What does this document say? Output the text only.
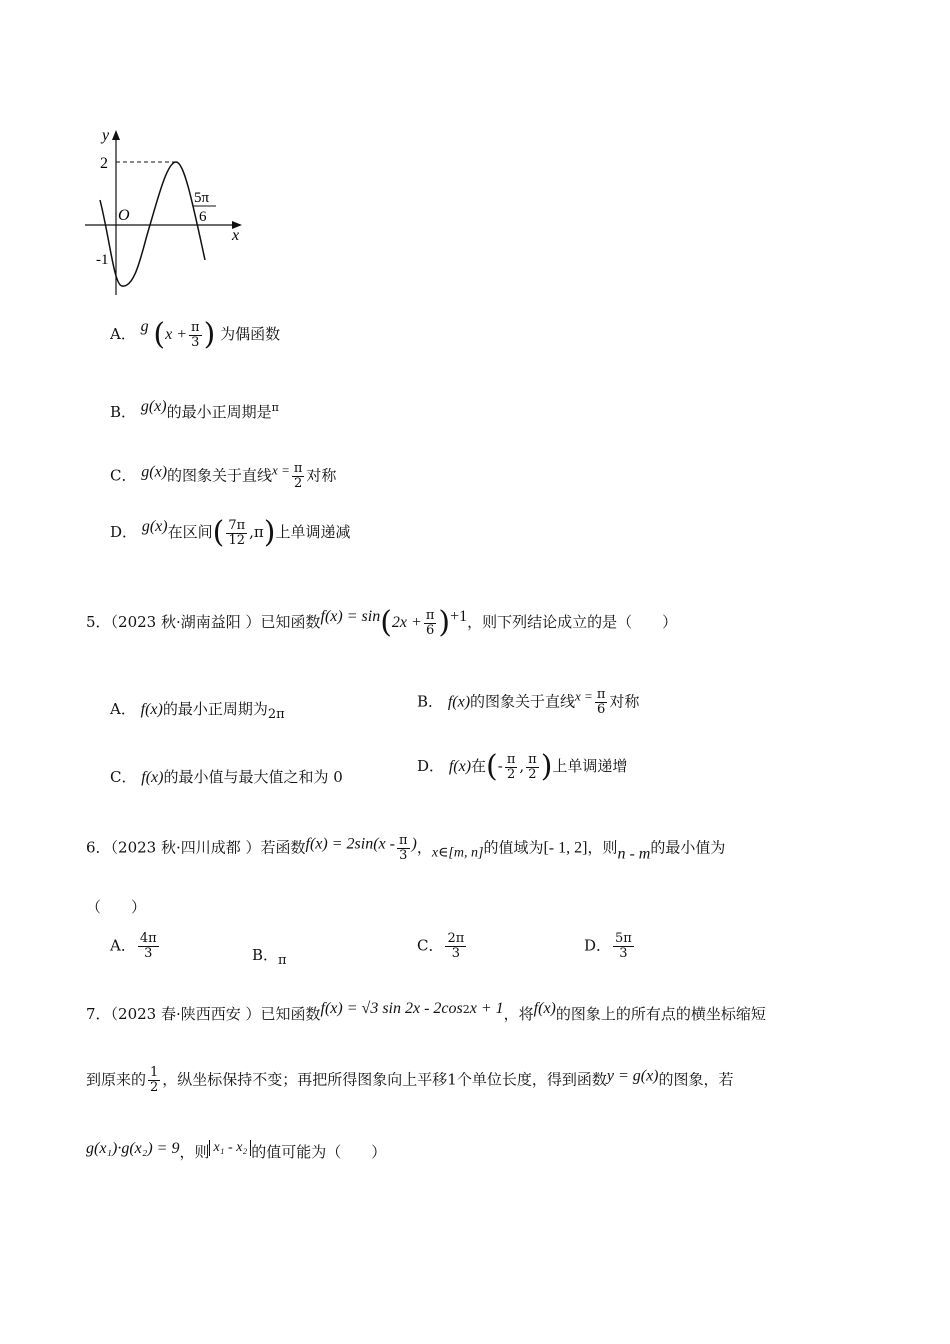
y
x
O
2
-1
5π
6
A． g ($x + \frac{\pi}{3}$ ) 为偶函数
B． g(x)的最小正周期是$^\pi$
C． g(x)的图象关于直线$x = \frac{\pi}{2}$ 对称
D． g(x)在区间( $\frac{7\pi}{12} ,\pi$)上单调递减
5．（2023 秋·湖南益阳 ）已知函数$f(x) = \sin(2x + \frac{\pi}{6} )+1$，则下列结论成立的是（　　）
A． f(x)的最小正周期为2π
B． f(x)的图象关于直线$x = \frac{\pi}{6}$ 对称
C． f(x)的最小值与最大值之和为 0
D． f(x)在(- $\frac{\pi}{2}$ , $\frac{\pi}{2}$ )上单调递增
6．（2023 秋·四川成都 ）若函数$f(x) = 2\sin(x - \frac{\pi}{3}$ )，x∈[m, n]的值域为[- 1, 2]，则n - m的最小值为
（　　）
A． $\frac{4\pi}{3}$	B．π
C． $\frac{2\pi}{3}$	D． $\frac{5\pi}{3}$
7．（2023 春·陕西西安 ）已知函数f(x) = √3 $\sin 2x - 2\cos^2x + 1$，将f(x)的图象上的所有点的横坐标缩短
到原来的 $\frac{1}{2}$ ，纵坐标保持不变；再把所得图象向上平移1个单位长度，得到函数y = g(x)的图象，若
g(x₁)·g(x₂) = 9，则 x₁ - x₂ 的值可能为（　　）
